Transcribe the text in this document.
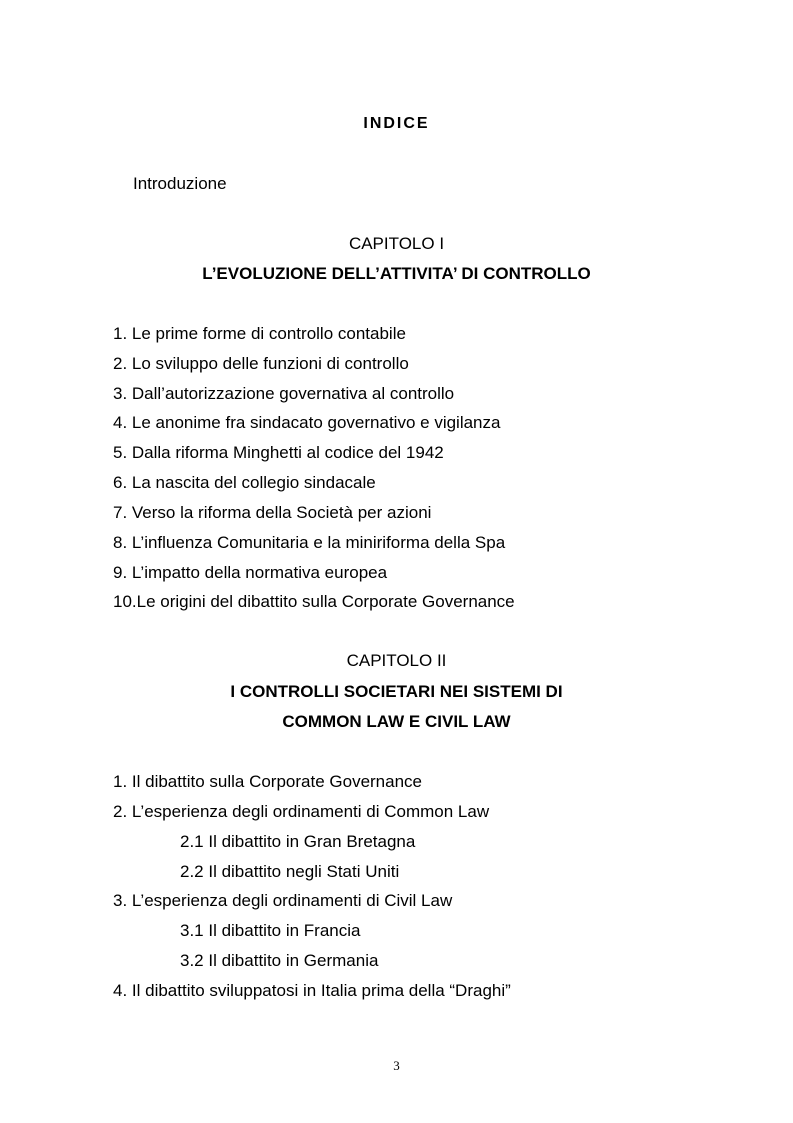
INDICE
Introduzione
CAPITOLO I
L’EVOLUZIONE DELL’ATTIVITA’ DI CONTROLLO
1. Le prime forme di controllo contabile
2. Lo sviluppo delle funzioni di controllo
3. Dall’autorizzazione governativa al controllo
4. Le anonime fra sindacato governativo e vigilanza
5. Dalla riforma Minghetti al codice del 1942
6. La nascita del collegio sindacale
7. Verso la riforma della Società per azioni
8. L’influenza Comunitaria e la miniriforma della Spa
9. L’impatto della normativa europea
10.Le origini del dibattito sulla Corporate Governance
CAPITOLO II
I CONTROLLI SOCIETARI NEI SISTEMI DI
COMMON LAW E CIVIL LAW
1. Il dibattito sulla Corporate Governance
2. L’esperienza degli ordinamenti di Common Law
2.1 Il dibattito in Gran Bretagna
2.2 Il dibattito negli Stati Uniti
3. L’esperienza degli ordinamenti di Civil Law
3.1 Il dibattito in Francia
3.2 Il dibattito in Germania
4. Il dibattito sviluppatosi in Italia prima della “Draghi”
3
